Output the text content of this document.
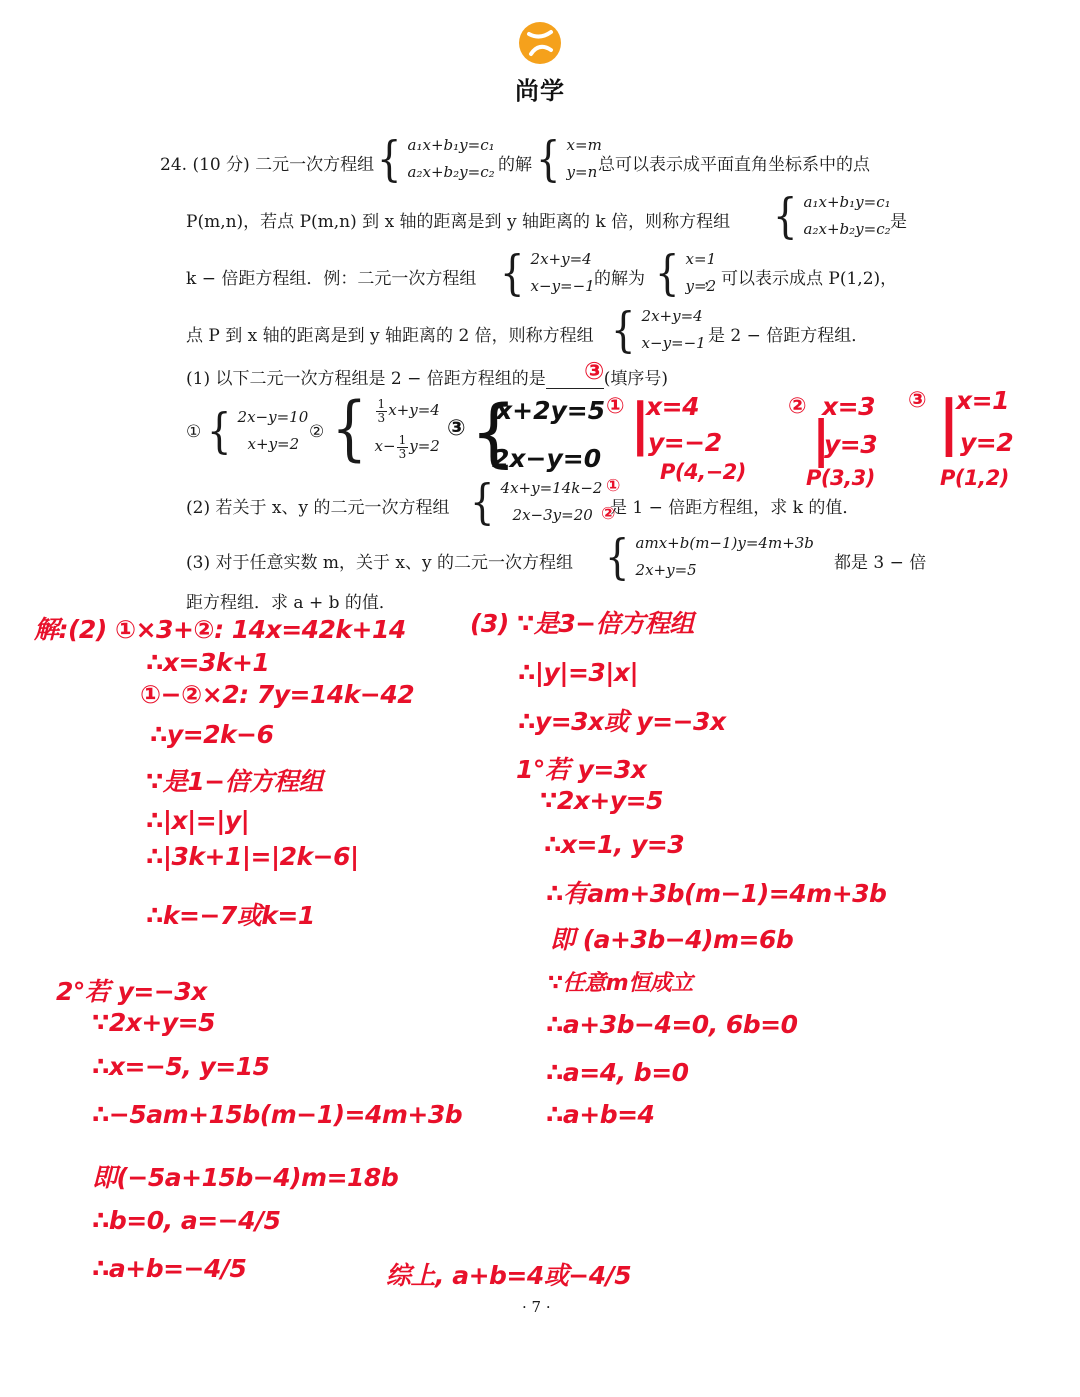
尚学
24. (10 分) 二元一次方程组 { a₁x+b₁y=c₁
a₂x+b₂y=c₂ 的解 { x=m
y=n 总可以表示成平面直角坐标系中的点
P(m,n)，若点 P(m,n) 到 x 轴的距离是到 y 轴距离的 k 倍，则称方程组 { a₁x+b₁y=c₁
a₂x+b₂y=c₂ 是
k − 倍距方程组．例：二元一次方程组 { 2x+y=4
x−y=−1 的解为 { x=1
y=2
，可以表示成点 P(1,2)，
点 P 到 x 轴的距离是到 y 轴距离的 2 倍，则称方程组 { 2x+y=4
x−y=−1 是 2 − 倍距方程组．
(1) 以下二元一次方程组是 2 − 倍距方程组的是	(填序号)
③
① { 2x−y=10
x+y=2
② { $\frac{1}{3} x+y=4$
$x- \frac{1}{3} y=2$
③ {
x+2y=5
2x−y=0
① |
x=4
y=−2
P(4,−2)
② x=3
|
y=3
P(3,3)
③ |
x=1
y=2
P(1,2)
(2) 若关于 x、y 的二元一次方程组 { 4x+y=14k−2
2x−3y=20	是 1 − 倍距方程组，求 k 的值．
①
②
(3) 对于任意实数 m，关于 x、y 的二元一次方程组 { amx+b(m−1)y=4m+3b
2x+y=5	都是 3 − 倍
距方程组．求 a + b 的值．
解:(2) ①×3+②: 14x=42k+14
∴x=3k+1
①−②×2: 7y=14k−42
∴y=2k−6
∵是1−倍方程组
∴|x|=|y|
∴|3k+1|=|2k−6|
∴k=−7或k=1
(3) ∵是3−倍方程组
∴|y|=3|x|
∴y=3x或 y=−3x
1°若 y=3x
∵2x+y=5
∴x=1, y=3
∴有am+3b(m−1)=4m+3b
即 (a+3b−4)m=6b
∵任意m恒成立
∴a+3b−4=0, 6b=0
∴a=4, b=0
∴a+b=4
2°若 y=−3x
∵2x+y=5
∴x=−5, y=15
∴−5am+15b(m−1)=4m+3b
即(−5a+15b−4)m=18b
∴b=0, a=−4/5
∴a+b=−4/5	综上, a+b=4或−4/5
· 7 ·
